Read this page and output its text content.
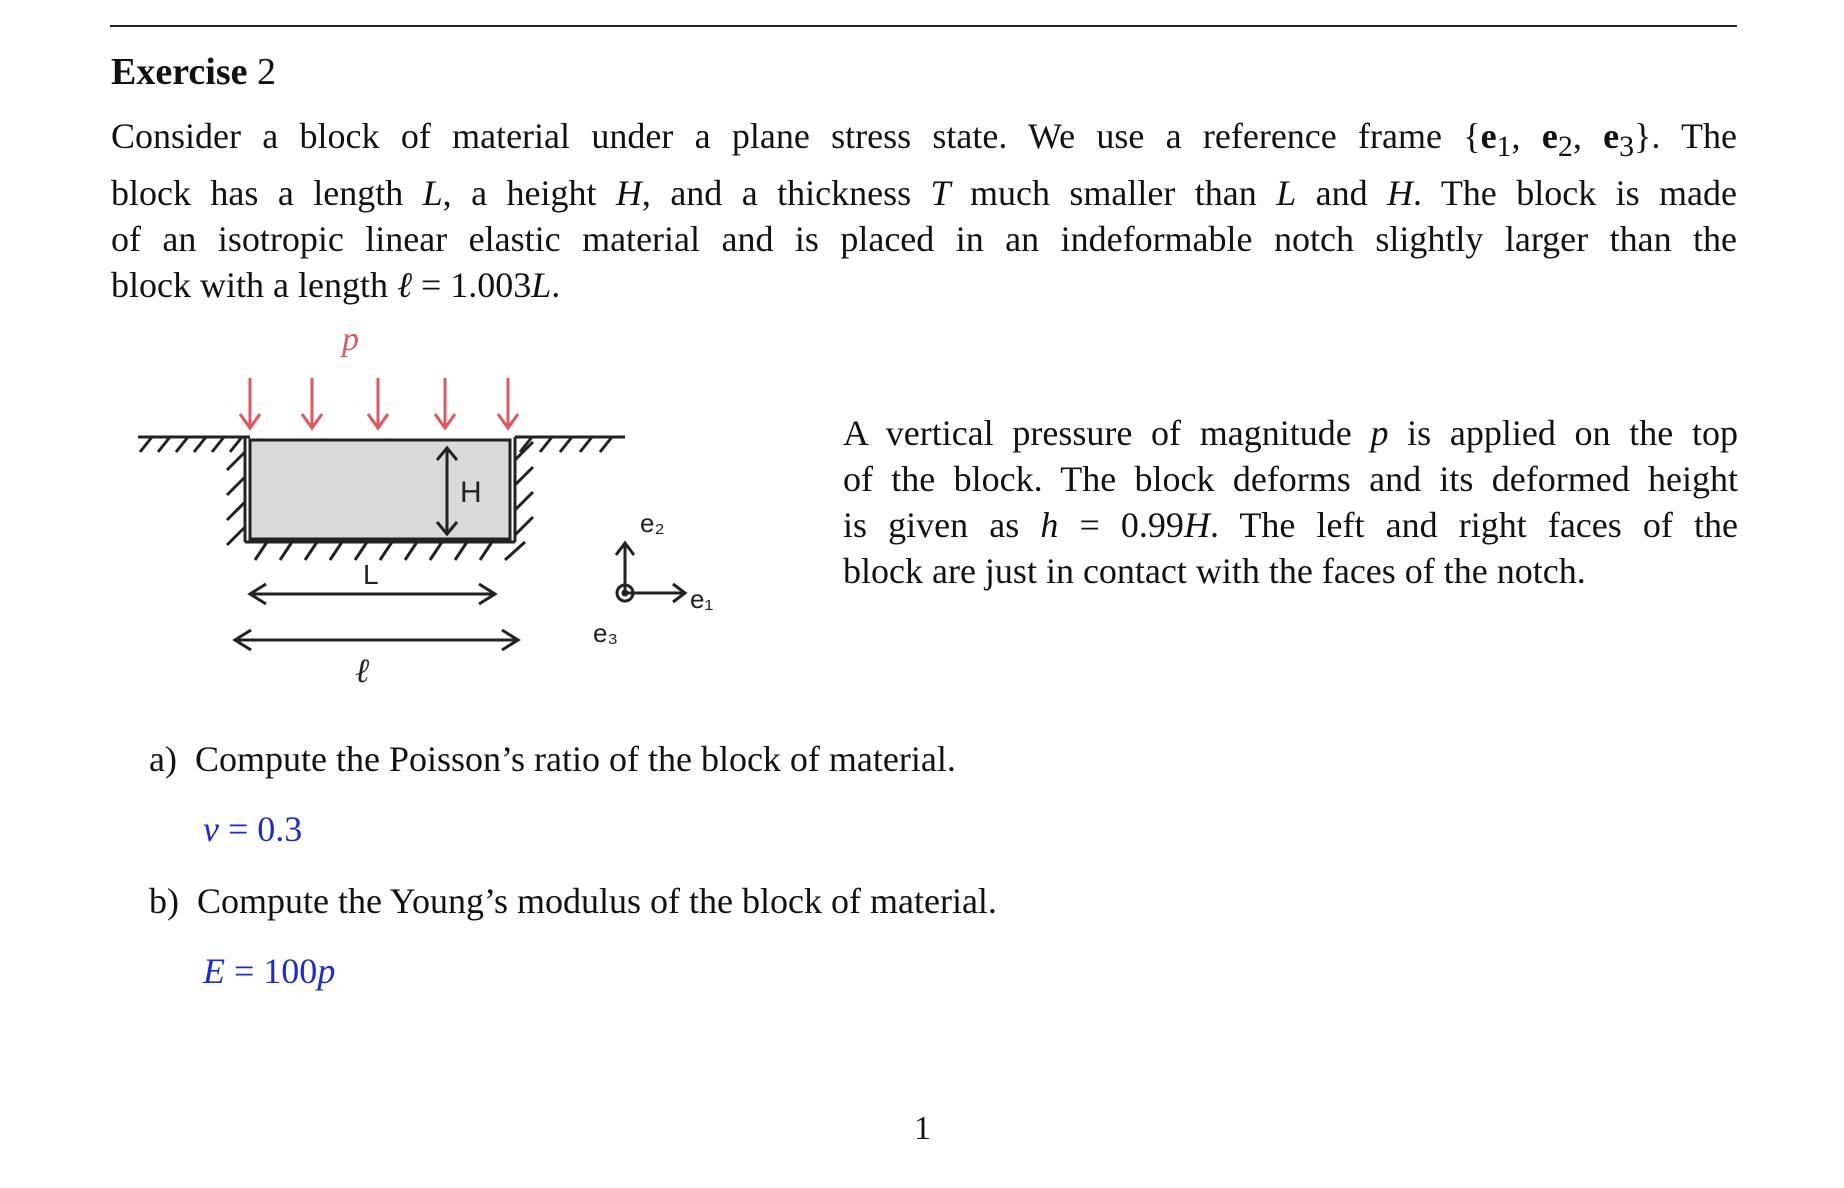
Exercise 2
Consider a block of material under a plane stress state. We use a reference frame {$e_1$, $e_2$, $e_3$}. The
block has a length L, a height H, and a thickness T much smaller than L and H. The block is made
of an isotropic linear elastic material and is placed in an indeformable notch slightly larger than the
block with a length ℓ = 1.003L.
H
p
L
ℓ
e₂
e₁
e₃
A vertical pressure of magnitude p is applied on the top
of the block. The block deforms and its deformed height
is given as h = 0.99H. The left and right faces of the
block are just in contact with the faces of the notch.
a) Compute the Poisson’s ratio of the block of material.
ν = 0.3
b) Compute the Young’s modulus of the block of material.
E = 100p
1
